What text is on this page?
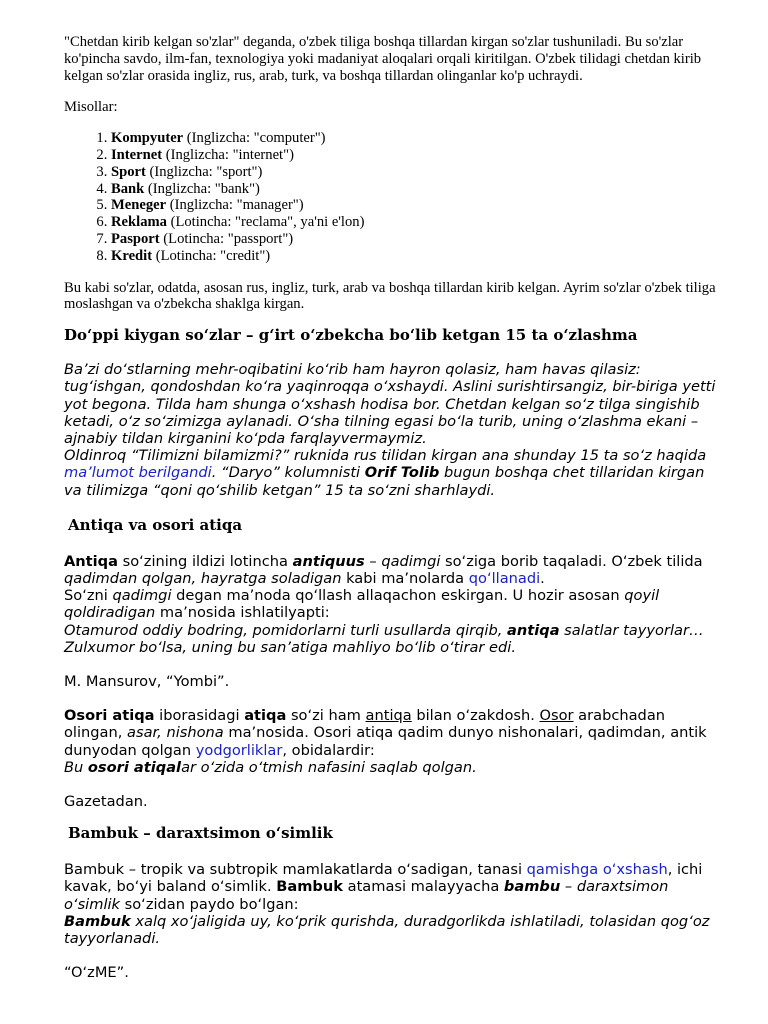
"Chetdan kirib kelgan so'zlar" deganda, o'zbek tiliga boshqa tillardan kirgan so'zlar tushuniladi. Bu so'zlar ko'pincha savdo, ilm-fan, texnologiya yoki madaniyat aloqalari orqali kiritilgan. O'zbek tilidagi chetdan kirib kelgan so'zlar orasida ingliz, rus, arab, turk, va boshqa tillardan olinganlar ko'p uchraydi.

Misollar:

1. Kompyuter (Inglizcha: "computer")
2. Internet (Inglizcha: "internet")
3. Sport (Inglizcha: "sport")
4. Bank (Inglizcha: "bank")
5. Meneger (Inglizcha: "manager")
6. Reklama (Lotincha: "reclama", ya'ni e'lon)
7. Pasport (Lotincha: "passport")
8. Kredit (Lotincha: "credit")

Bu kabi so'zlar, odatda, asosan rus, ingliz, turk, arab va boshqa tillardan kirib kelgan. Ayrim so'zlar o'zbek tiliga moslashgan va o'zbekcha shaklga kirgan.

Do‘ppi kiygan so‘zlar – g‘irt o‘zbekcha bo‘lib ketgan 15 ta o‘zlashma

Ba’zi do‘stlarning mehr-oqibatini ko‘rib ham hayron qolasiz, ham havas qilasiz: tug‘ishgan, qondoshdan ko‘ra yaqinroqqa o‘xshaydi. Aslini surishtirsangiz, bir-biriga yetti yot begona. Tilda ham shunga o‘xshash hodisa bor. Chetdan kelgan so‘z tilga singishib ketadi, o‘z so‘zimizga aylanadi. O‘sha tilning egasi bo‘la turib, uning o‘zlashma ekani – ajnabiy tildan kirganini ko‘pda farqlayvermaymiz.

Oldinroq “Tilimizni bilamizmi?” ruknida rus tilidan kirgan ana shunday 15 ta so‘z haqida ma’lumot berilgandi. “Daryo” kolumnisti Orif Tolib bugun boshqa chet tillaridan kirgan va tilimizga “qoni qo‘shilib ketgan” 15 ta so‘zni sharhlaydi.

Antiqa va osori atiqa

Antiqa so‘zining ildizi lotincha antiquus – qadimgi so‘ziga borib taqaladi. O‘zbek tilida qadimdan qolgan, hayratga soladigan kabi ma’nolarda qo‘llanadi.

So‘zni qadimgi degan ma’noda qo‘llash allaqachon eskirgan. U hozir asosan qoyil qoldiradigan ma’nosida ishlatilyapti:

Otamurod oddiy bodring, pomidorlarni turli usullarda qirqib, antiqa salatlar tayyorlar… Zulxumor bo‘lsa, uning bu san’atiga mahliyo bo‘lib o‘tirar edi.

M. Mansurov, “Yombi”.

Osori atiqa iborasidagi atiqa so‘zi ham antiqa bilan o‘zakdosh. Osor arabchadan olingan, asar, nishona ma’nosida. Osori atiqa qadim dunyo nishonalari, qadimdan, antik dunyodan qolgan yodgorliklar, obidalardir:

Bu osori atiqalar o‘zida o‘tmish nafasini saqlab qolgan.

Gazetadan.

Bambuk – daraxtsimon o‘simlik

Bambuk – tropik va subtropik mamlakatlarda o‘sadigan, tanasi qamishga o‘xshash, ichi kavak, bo‘yi baland o‘simlik. Bambuk atamasi malayyacha bambu – daraxtsimon o‘simlik so‘zidan paydo bo‘lgan:

Bambuk xalq xo‘jaligida uy, ko‘prik qurishda, duradgorlikda ishlatiladi, tolasidan qog‘oz tayyorlanadi.

“O‘zME”.
